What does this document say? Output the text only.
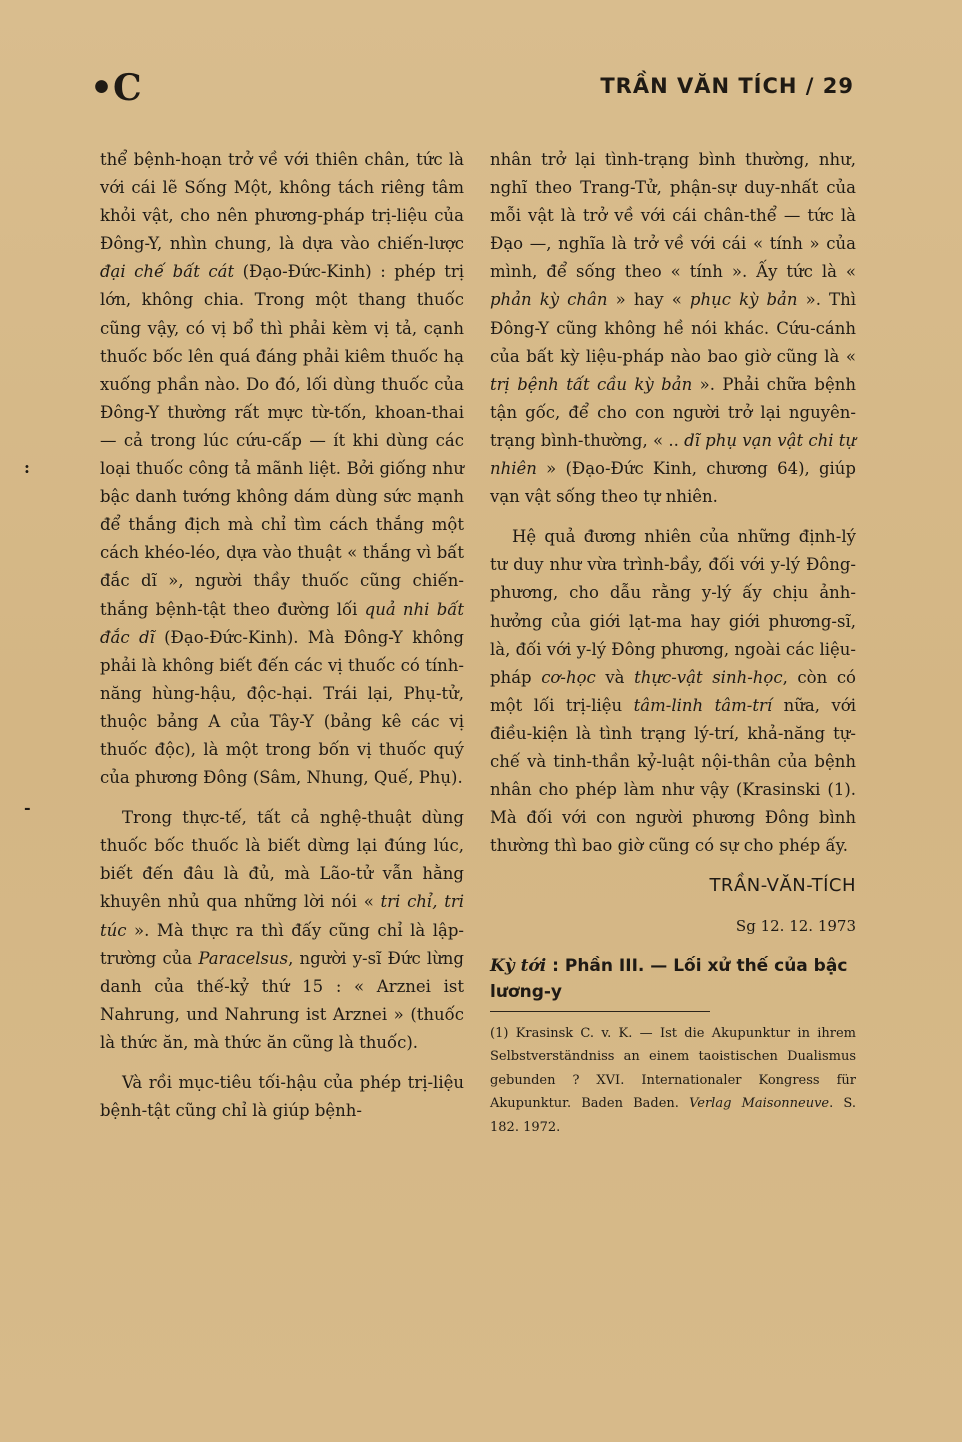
•C	TRẦN VĂN TÍCH / 29
:
-

thể bệnh-hoạn trở về với thiên chân, tức là với cái lẽ Sống Một, không tách riêng tâm khỏi vật, cho nên phương-pháp trị-liệu của Đông-Y, nhìn chung, là dựa vào chiến-lược đại chế bất cát (Đạo-Đức-Kinh) : phép trị lớn, không chia. Trong một thang thuốc cũng vậy, có vị bổ thì phải kèm vị tả, cạnh thuốc bốc lên quá đáng phải kiêm thuốc hạ xuống phần nào. Do đó, lối dùng thuốc của Đông-Y thường rất mực từ-tốn, khoan-thai — cả trong lúc cứu-cấp — ít khi dùng các loại thuốc công tả mãnh liệt. Bởi giống như bậc danh tướng không dám dùng sức mạnh để thắng địch mà chỉ tìm cách thắng một cách khéo-léo, dựa vào thuật « thắng vì bất đắc dĩ », người thầy thuốc cũng chiến-thắng bệnh-tật theo đường lối quả nhi bất đắc dĩ (Đạo-Đức-Kinh). Mà Đông-Y không phải là không biết đến các vị thuốc có tính-năng hùng-hậu, độc-hại. Trái lại, Phụ-tử, thuộc bảng A của Tây-Y (bảng kê các vị thuốc độc), là một trong bốn vị thuốc quý của phương Đông (Sâm, Nhung, Quế, Phụ).

Trong thực-tế, tất cả nghệ-thuật dùng thuốc bốc thuốc là biết dừng lại đúng lúc, biết đến đâu là đủ, mà Lão-tử vẫn hằng khuyên nhủ qua những lời nói « tri chỉ, tri túc ». Mà thực ra thì đấy cũng chỉ là lập-trường của Paracelsus, người y-sĩ Đức lừng danh của thế-kỷ thứ 15 : « Arznei ist Nahrung, und Nahrung ist Arznei » (thuốc là thức ăn, mà thức ăn cũng là thuốc).

Và rồi mục-tiêu tối-hậu của phép trị-liệu bệnh-tật cũng chỉ là giúp bệnh-

nhân trở lại tình-trạng bình thường, như, nghĩ theo Trang-Tử, phận-sự duy-nhất của mỗi vật là trở về với cái chân-thể — tức là Đạo —, nghĩa là trở về với cái « tính » của mình, để sống theo « tính ». Ấy tức là « phản kỳ chân » hay « phục kỳ bản ». Thì Đông-Y cũng không hề nói khác. Cứu-cánh của bất kỳ liệu-pháp nào bao giờ cũng là « trị bệnh tất cầu kỳ bản ». Phải chữa bệnh tận gốc, để cho con người trở lại nguyên-trạng bình-thường, « .. dĩ phụ vạn vật chi tự nhiên » (Đạo-Đức Kinh, chương 64), giúp vạn vật sống theo tự nhiên.

Hệ quả đương nhiên của những định-lý tư duy như vừa trình-bầy, đối với y-lý Đông-phương, cho dẫu rằng y-lý ấy chịu ảnh-hưởng của giới lạt-ma hay giới phương-sĩ, là, đối với y-lý Đông phương, ngoài các liệu-pháp cơ-học và thực-vật sinh-học, còn có một lối trị-liệu tâm-linh tâm-trí nữa, với điều-kiện là tình trạng lý-trí, khả-năng tự-chế và tinh-thần kỷ-luật nội-thân của bệnh nhân cho phép làm như vậy (Krasinski (1). Mà đối với con người phương Đông bình thường thì bao giờ cũng có sự cho phép ấy.

TRẦN-VĂN-TÍCH

Sg 12. 12. 1973

Kỳ tới : Phần III. — Lối xử thế của bậc lương-y
(1) Krasinsk C. v. K. — Ist die Akupunktur in ihrem Selbstverständniss an einem taoistischen Dualismus gebunden ? XVI. Internationaler Kongress für Akupunktur. Baden Baden. Verlag Maisonneuve. S. 182. 1972.
